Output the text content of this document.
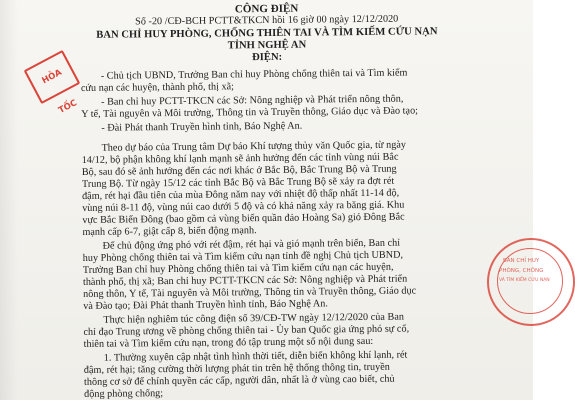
CÔNG ĐIỆN
Số -20 /CĐ-BCH PCTT&TKCN hồi 16 giờ 00 ngày 12/12/2020
BAN CHỈ HUY PHÒNG, CHỐNG THIÊN TAI VÀ TÌM KIẾM CỨU NẠN
TỈNH NGHỆ AN
ĐIỆN:
- Chủ tịch UBND, Trưởng Ban chỉ huy Phòng chống thiên tai và Tìm kiếm
cứu nạn các huyện, thành phố, thị xã;
- Ban chỉ huy PCTT-TKCN các Sở: Nông nghiệp và Phát triển nông thôn,
Y tế, Tài nguyên và Môi trường, Thông tin và Truyền thông, Giáo dục và Đào tạo;
- Đài Phát thanh Truyền hình tỉnh, Báo Nghệ An.
Theo dự báo của Trung tâm Dự báo Khí tượng thủy văn Quốc gia, từ ngày
14/12, bộ phận không khí lạnh mạnh sẽ ảnh hưởng đến các tỉnh vùng núi Bắc
Bộ, sau đó sẽ ảnh hưởng đến các nơi khác ở Bắc Bộ, Bắc Trung Bộ và Trung
Trung Bộ. Từ ngày 15/12 các tỉnh Bắc Bộ và Bắc Trung Bộ sẽ xảy ra đợt rét
đậm, rét hại đầu tiên của mùa Đông năm nay với nhiệt độ thấp nhất 11-14 độ,
vùng núi 8-11 độ, vùng núi cao dưới 5 độ và có khả năng xảy ra băng giá. Khu
vực Bắc Biển Đông (bao gồm cả vùng biển quần đảo Hoàng Sa) gió Đông Bắc
mạnh cấp 6-7, giật cấp 8, biển động mạnh.
Để chủ động ứng phó với rét đậm, rét hại và gió mạnh trên biển, Ban chỉ
huy Phòng chống thiên tai và Tìm kiếm cứu nạn tỉnh đề nghị Chủ tịch UBND,
Trưởng Ban chỉ huy Phòng chống thiên tai và Tìm kiếm cứu nạn các huyện,
thành phố, thị xã; Ban chỉ huy PCTT-TKCN các Sở: Nông nghiệp và Phát triển
nông thôn, Y tế, Tài nguyên và Môi trường, Thông tin và Truyền thông, Giáo dục
và Đào tạo; Đài Phát thanh Truyền hình tỉnh, Báo Nghệ An.
Thực hiện nghiêm túc công điện số 39/CĐ-TW ngày 12/12/2020 của Ban
chỉ đạo Trung ương về phòng chống thiên tai - Ủy ban Quốc gia ứng phó sự cố,
thiên tai và Tìm kiếm cứu nạn, trong đó tập trung một số nội dung sau:
1. Thường xuyên cập nhật tình hình thời tiết, diễn biến không khí lạnh, rét
đậm, rét hại; tăng cường thời lượng phát tin trên hệ thống thông tin, truyền
thông cơ sở để chính quyền các cấp, người dân, nhất là ở vùng cao biết, chủ
động phòng chống;
HỎA TỐC
BAN CHỈ HUY
PHÒNG, CHỐNG
VÀ TÌM KIẾM CỨU NẠN
